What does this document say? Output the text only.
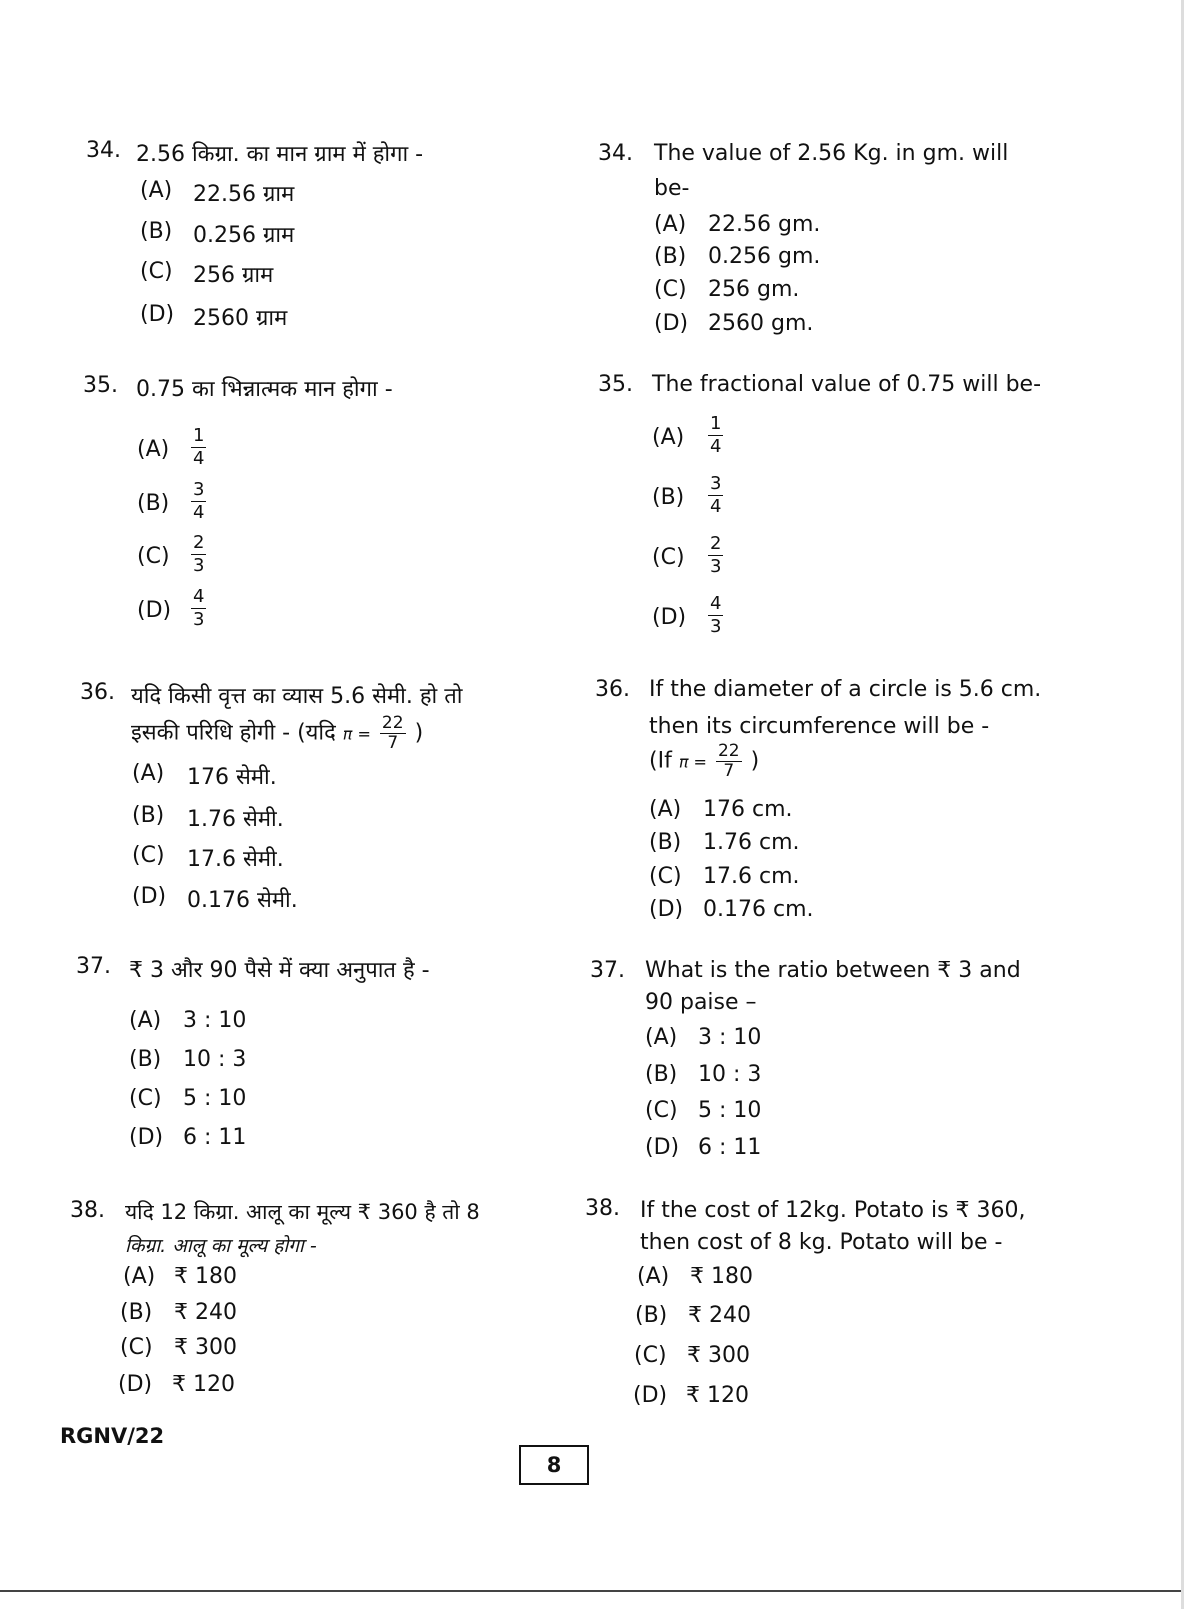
34. 2.56 किग्रा. का मान ग्राम में होगा -
(A) 22.56 ग्राम
(B) 0.256 ग्राम
(C) 256 ग्राम
(D) 2560 ग्राम
34. The value of 2.56 Kg. in gm. will
be-
(A) 22.56 gm.
(B) 0.256 gm.
(C) 256 gm.
(D) 2560 gm.
35. 0.75 का भिन्नात्मक मान होगा -
$(A) \frac{1}{4}$
$(B) \frac{3}{4}$
$(C) \frac{2}{3}$
$(D) \frac{4}{3}$
35. The fractional value of 0.75 will be-
$(A) \frac{1}{4}$
$(B) \frac{3}{4}$
$(C) \frac{2}{3}$
$(D) \frac{4}{3}$
36. यदि किसी वृत्त का व्यास 5.6 सेमी. हो तो
इसकी परिधि होगी - (यदि $\pi = \frac{22}{7}$ )
(A) 176 सेमी.
(B) 1.76 सेमी.
(C) 17.6 सेमी.
(D) 0.176 सेमी.
36. If the diameter of a circle is 5.6 cm.
then its circumference will be -
(If $\pi = \frac{22}{7}$ )
(A) 176 cm.
(B) 1.76 cm.
(C) 17.6 cm.
(D) 0.176 cm.
37. ₹ 3 और 90 पैसे में क्या अनुपात है -
(A) 3 : 10
(B) 10 : 3
(C) 5 : 10
(D) 6 : 11
37. What is the ratio between ₹ 3 and
90 paise –
(A) 3 : 10
(B) 10 : 3
(C) 5 : 10
(D) 6 : 11
38. यदि 12 किग्रा. आलू का मूल्य ₹ 360 है तो 8
किग्रा. आलू का मूल्य होगा -
(A) ₹ 180
(B) ₹ 240
(C) ₹ 300
(D) ₹ 120
38. If the cost of 12kg. Potato is ₹ 360,
then cost of 8 kg. Potato will be -
(A) ₹ 180
(B) ₹ 240
(C) ₹ 300
(D) ₹ 120
RGNV/22
8
